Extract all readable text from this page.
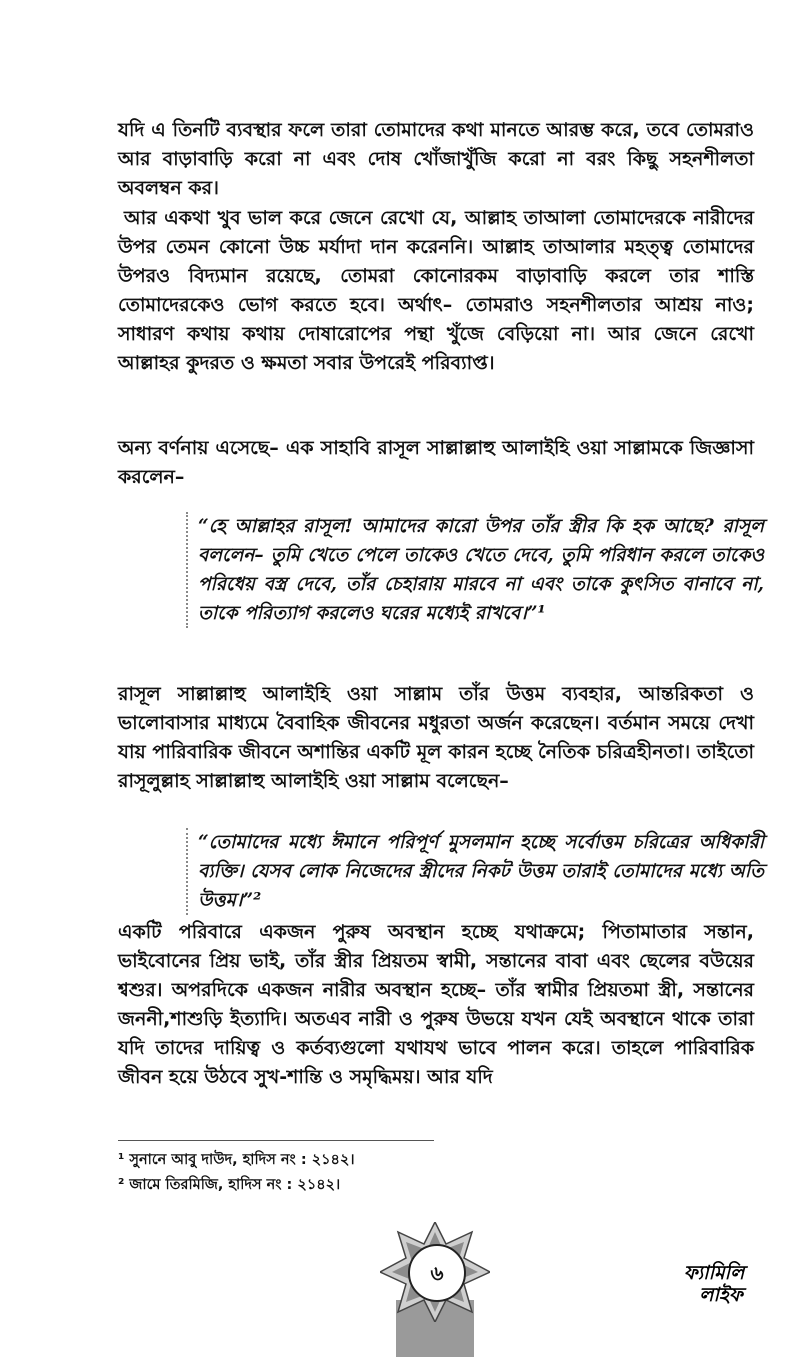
যদি এ তিনটি ব্যবস্থার ফলে তারা তোমাদের কথা মানতে আরম্ভ করে, তবে তোমরাও আর বাড়াবাড়ি করো না এবং দোষ খোঁজাখুঁজি করো না বরং কিছু সহনশীলতা অবলম্বন কর।

আর একথা খুব ভাল করে জেনে রেখো যে, আল্লাহ তাআলা তোমাদেরকে নারীদের উপর তেমন কোনো উচ্চ মর্যাদা দান করেননি। আল্লাহ তাআলার মহত্ত্ব তোমাদের উপরও বিদ্যমান রয়েছে, তোমরা কোনোরকম বাড়াবাড়ি করলে তার শাস্তি তোমাদেরকেও ভোগ করতে হবে। অর্থাৎ– তোমরাও সহনশীলতার আশ্রয় নাও; সাধারণ কথায় কথায় দোষারোপের পন্থা খুঁজে বেড়িয়ো না। আর জেনে রেখো আল্লাহর কুদরত ও ক্ষমতা সবার উপরেই পরিব্যাপ্ত।

অন্য বর্ণনায় এসেছে– এক সাহাবি রাসূল সাল্লাল্লাহু আলাইহি ওয়া সাল্লামকে জিজ্ঞাসা করলেন–

“হে আল্লাহর রাসূল! আমাদের কারো উপর তাঁর স্ত্রীর কি হক আছে? রাসূল বললেন– তুমি খেতে পেলে তাকেও খেতে দেবে, তুমি পরিধান করলে তাকেও পরিধেয় বস্ত্র দেবে, তাঁর চেহারায় মারবে না এবং তাকে কুৎসিত বানাবে না, তাকে পরিত্যাগ করলেও ঘরের মধ্যেই রাখবে।”¹

রাসূল সাল্লাল্লাহু আলাইহি ওয়া সাল্লাম তাঁর উত্তম ব্যবহার, আন্তরিকতা ও ভালোবাসার মাধ্যমে বৈবাহিক জীবনের মধুরতা অর্জন করেছেন। বর্তমান সময়ে দেখা যায় পারিবারিক জীবনে অশান্তির একটি মূল কারন হচ্ছে নৈতিক চরিত্রহীনতা। তাইতো রাসূলুল্লাহ সাল্লাল্লাহু আলাইহি ওয়া সাল্লাম বলেছেন–

“তোমাদের মধ্যে ঈমানে পরিপূর্ণ মুসলমান হচ্ছে সর্বোত্তম চরিত্রের অধিকারী ব্যক্তি। যেসব লোক নিজেদের স্ত্রীদের নিকট উত্তম তারাই তোমাদের মধ্যে অতি উত্তম।”²

একটি পরিবারে একজন পুরুষ অবস্থান হচ্ছে যথাক্রমে; পিতামাতার সন্তান, ভাইবোনের প্রিয় ভাই, তাঁর স্ত্রীর প্রিয়তম স্বামী, সন্তানের বাবা এবং ছেলের বউয়ের শ্বশুর। অপরদিকে একজন নারীর অবস্থান হচ্ছে– তাঁর স্বামীর প্রিয়তমা স্ত্রী, সন্তানের জননী,শাশুড়ি ইত্যাদি। অতএব নারী ও পুরুষ উভয়ে যখন যেই অবস্থানে থাকে তারা যদি তাদের দায়িত্ব ও কর্তব্যগুলো যথাযথ ভাবে পালন করে। তাহলে পারিবারিক জীবন হয়ে উঠবে সুখ-শান্তি ও সমৃদ্ধিময়। আর যদি

¹ সুনানে আবু দাউদ, হাদিস নং : ২১৪২।
² জামে তিরমিজি, হাদিস নং : ২১৪২।
৬	ফ্যামিলি
লাইফ
